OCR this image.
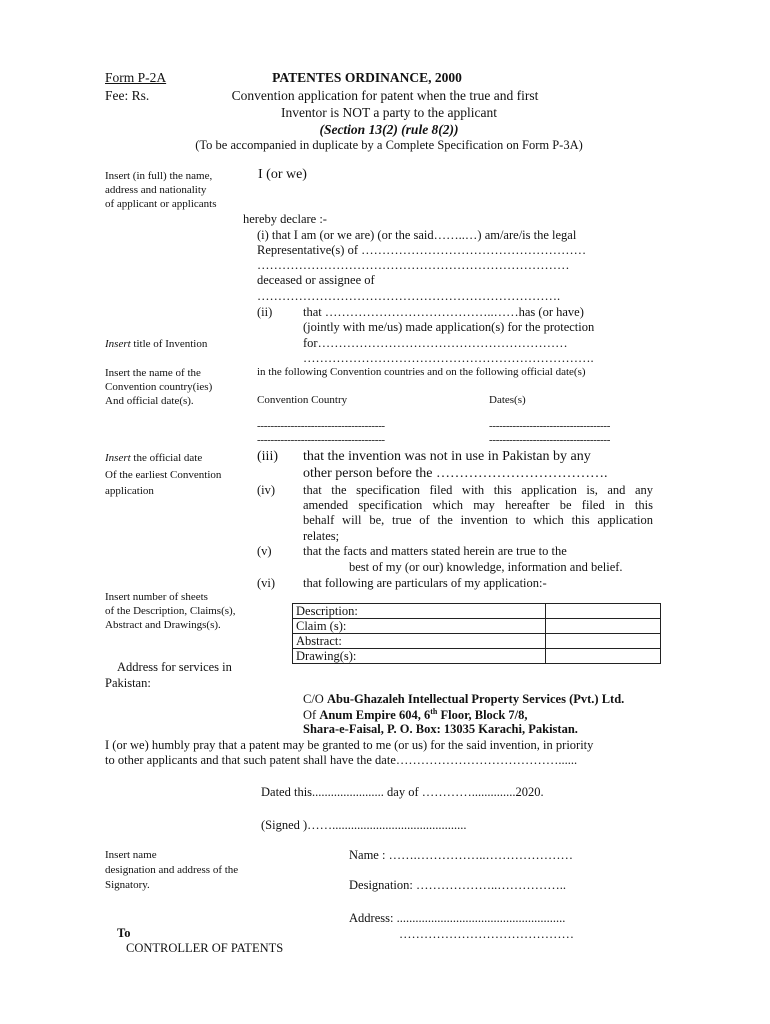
Form P-2A
Fee: Rs.
PATENTES ORDINANCE, 2000
Convention application for patent when the true and first
Inventor is NOT a party to the applicant
(Section 13(2) (rule 8(2))
(To be accompanied in duplicate by a Complete Specification on Form P-3A)
Insert (in full) the name,
address and nationality
of applicant or applicants
Insert title of Invention
Insert the name of the
Convention country(ies)
And official date(s).
Insert the official date
Of the earliest Convention
application
Insert number of sheets
of the Description, Claims(s),
Abstract and Drawings(s).
Address for services in
Pakistan:
Insert name
designation and address of the
Signatory.
I (or we)
hereby declare :-
(i) that I am (or we are) (or the said……..…) am/are/is the legal
Representative(s) of ………………………………………………
…………………………………………………………………
deceased or assignee of
……………………………………………………………….
(ii) that …………………………………..……has (or have)
(jointly with me/us) made application(s) for the protection
for……………………………………………………
…………………………………………………………….
in the following Convention countries and on the following official date(s)
Convention Country	Dates(s)
--------------------------------------
--------------------------------------
------------------------------------
------------------------------------
(iii) that the invention was not in use in Pakistan by any
other person before the ……………………………….
(iv) that the specification filed with this application is, and any
amended specification which may hereafter be filed in this
behalf will be, true of the invention to which this application
relates;
(v)	that the facts and matters stated herein are true to the
best of my (or our) knowledge, information and belief.
(vi) that following are particulars of my application:-
Description:	
Claim (s):	
Abstract:	
Drawing(s):	
C/O Abu-Ghazaleh Intellectual Property Services (Pvt.) Ltd.
Of Anum Empire 604, 6th Floor, Block 7/8,
Shara-e-Faisal, P. O. Box: 13035 Karachi, Pakistan.
I (or we) humbly pray that a patent may be granted to me (or us) for the said invention, in priority
to other applicants and that such patent shall have the date…………………………………......
Dated this....................... day of …………..............2020.
(Signed )……...........................................
Name : …….……………..…………………
Designation: ………………..……………..
Address: ......................................................
……………………………………
To
CONTROLLER OF PATENTS
